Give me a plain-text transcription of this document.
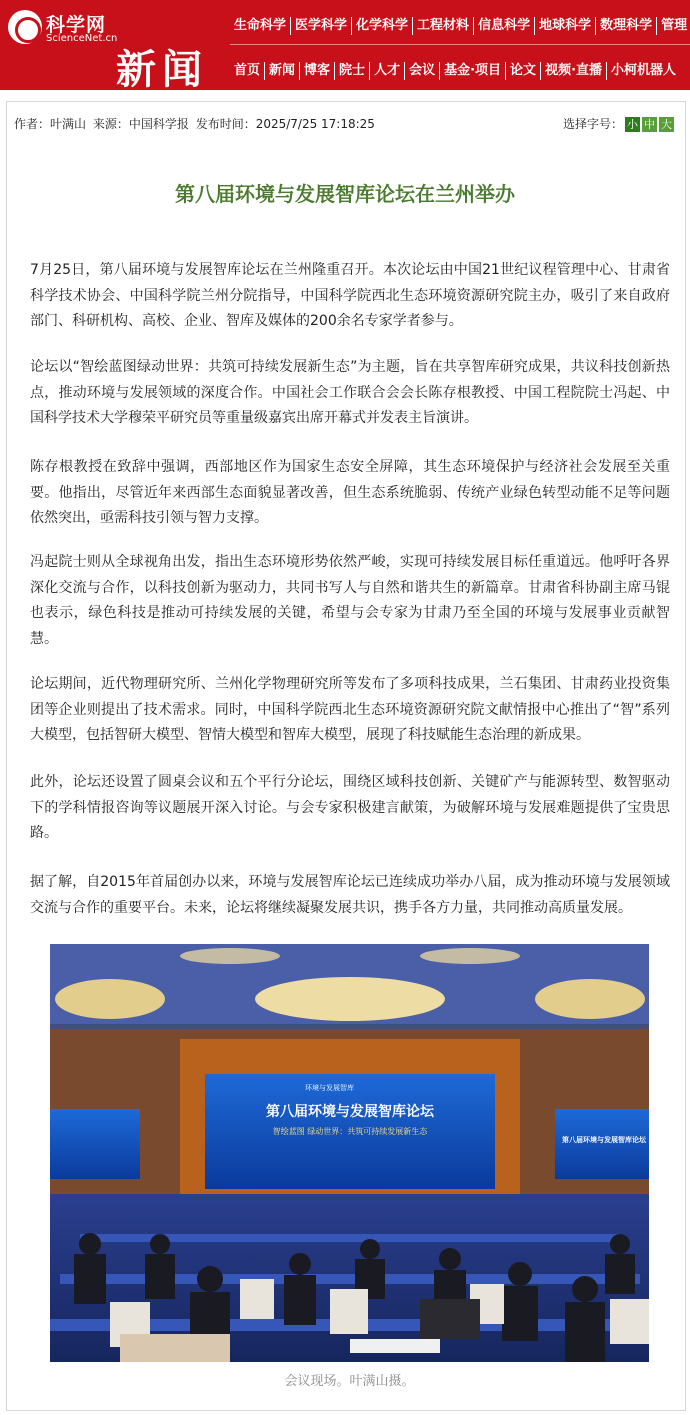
科学网
ScienceNet.cn
新闻
生命科学 医学科学 化学科学 工程材料 信息科学 地球科学 数理科学 管理
首页 新闻 博客 院士 人才 会议 基金·项目 论文 视频·直播 小柯机器人
作者：叶满山 来源：中国科学报 发布时间：2025/7/25 17:18:25	选择字号： 小 中 大
第八届环境与发展智库论坛在兰州举办

7月25日，第八届环境与发展智库论坛在兰州隆重召开。本次论坛由中国21世纪议程管理中心、甘肃省科学技术协会、中国科学院兰州分院指导，中国科学院西北生态环境资源研究院主办，吸引了来自政府部门、科研机构、高校、企业、智库及媒体的200余名专家学者参与。

论坛以“智绘蓝图绿动世界：共筑可持续发展新生态”为主题，旨在共享智库研究成果，共议科技创新热点，推动环境与发展领域的深度合作。中国社会工作联合会会长陈存根教授、中国工程院院士冯起、中国科学技术大学穆荣平研究员等重量级嘉宾出席开幕式并发表主旨演讲。

陈存根教授在致辞中强调，西部地区作为国家生态安全屏障，其生态环境保护与经济社会发展至关重要。他指出，尽管近年来西部生态面貌显著改善，但生态系统脆弱、传统产业绿色转型动能不足等问题依然突出，亟需科技引领与智力支撑。

冯起院士则从全球视角出发，指出生态环境形势依然严峻，实现可持续发展目标任重道远。他呼吁各界深化交流与合作，以科技创新为驱动力，共同书写人与自然和谐共生的新篇章。甘肃省科协副主席马锟也表示，绿色科技是推动可持续发展的关键，希望与会专家为甘肃乃至全国的环境与发展事业贡献智慧。

论坛期间，近代物理研究所、兰州化学物理研究所等发布了多项科技成果，兰石集团、甘肃药业投资集团等企业则提出了技术需求。同时，中国科学院西北生态环境资源研究院文献情报中心推出了“智”系列大模型，包括智研大模型、智情大模型和智库大模型，展现了科技赋能生态治理的新成果。

此外，论坛还设置了圆桌会议和五个平行分论坛，围绕区域科技创新、关键矿产与能源转型、数智驱动下的学科情报咨询等议题展开深入讨论。与会专家积极建言献策，为破解环境与发展难题提供了宝贵思路。

据了解，自2015年首届创办以来，环境与发展智库论坛已连续成功举办八届，成为推动环境与发展领域交流与合作的重要平台。未来，论坛将继续凝聚发展共识，携手各方力量，共同推动高质量发展。

环境与发展智库
第八届环境与发展智库论坛
智绘蓝图 绿动世界：共筑可持续发展新生态
第八届环境与发展智库论坛
会议现场。叶满山摄。
